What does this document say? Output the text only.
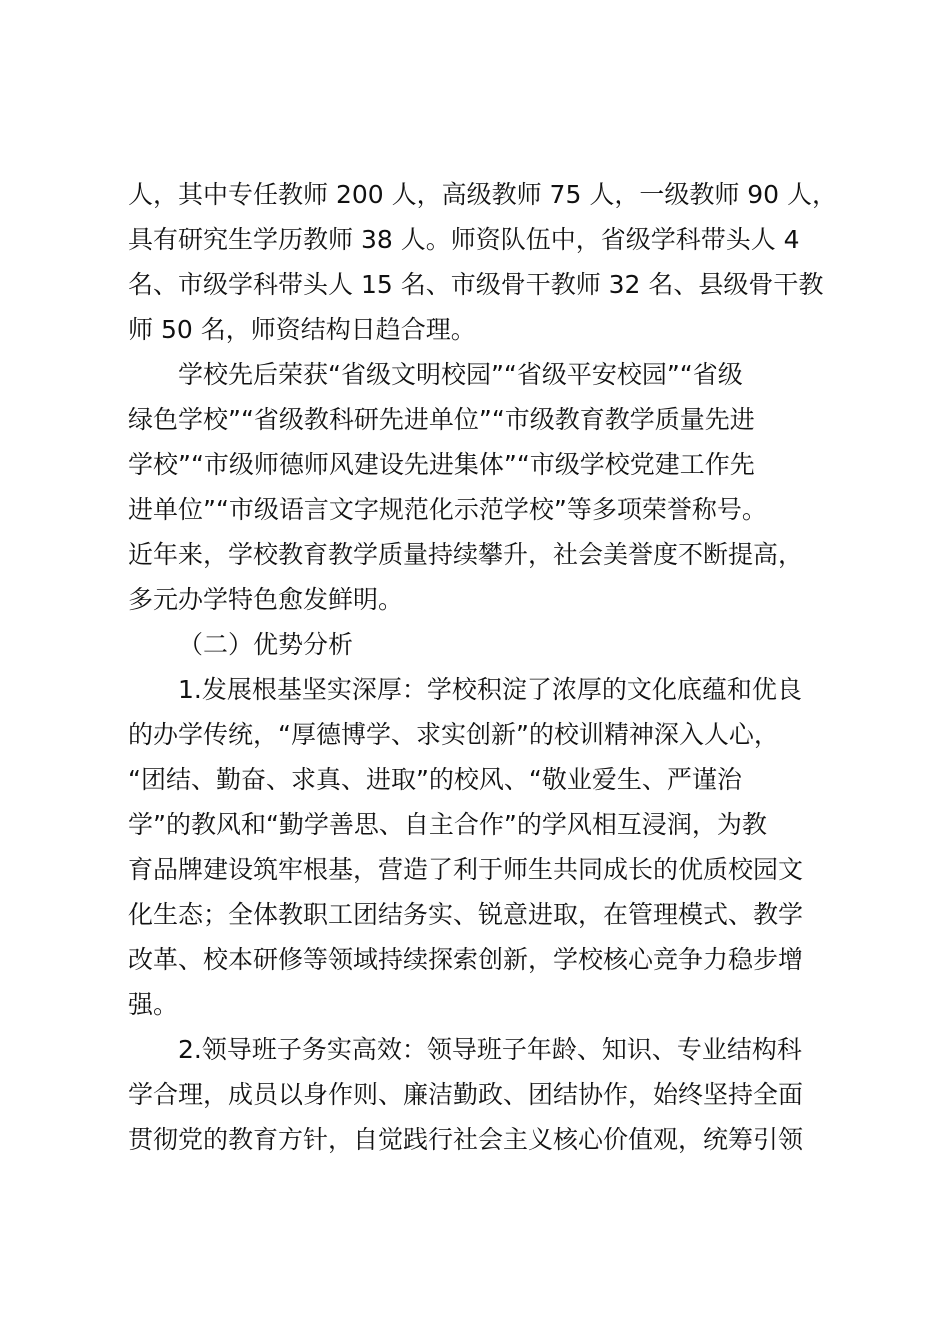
人，其中专任教师 200 人，高级教师 75 人，一级教师 90 人，
具有研究生学历教师 38 人。师资队伍中，省级学科带头人 4
名、市级学科带头人 15 名、市级骨干教师 32 名、县级骨干教
师 50 名，师资结构日趋合理。
学校先后荣获“省级文明校园”“省级平安校园”“省级
绿色学校”“省级教科研先进单位”“市级教育教学质量先进
学校”“市级师德师风建设先进集体”“市级学校党建工作先
进单位”“市级语言文字规范化示范学校”等多项荣誉称号。
近年来，学校教育教学质量持续攀升，社会美誉度不断提高，
多元办学特色愈发鲜明。
（二）优势分析
1.发展根基坚实深厚：学校积淀了浓厚的文化底蕴和优良
的办学传统，“厚德博学、求实创新”的校训精神深入人心，
“团结、勤奋、求真、进取”的校风、“敬业爱生、严谨治
学”的教风和“勤学善思、自主合作”的学风相互浸润，为教
育品牌建设筑牢根基，营造了利于师生共同成长的优质校园文
化生态；全体教职工团结务实、锐意进取，在管理模式、教学
改革、校本研修等领域持续探索创新，学校核心竞争力稳步增
强。
2.领导班子务实高效：领导班子年龄、知识、专业结构科
学合理，成员以身作则、廉洁勤政、团结协作，始终坚持全面
贯彻党的教育方针，自觉践行社会主义核心价值观，统筹引领
